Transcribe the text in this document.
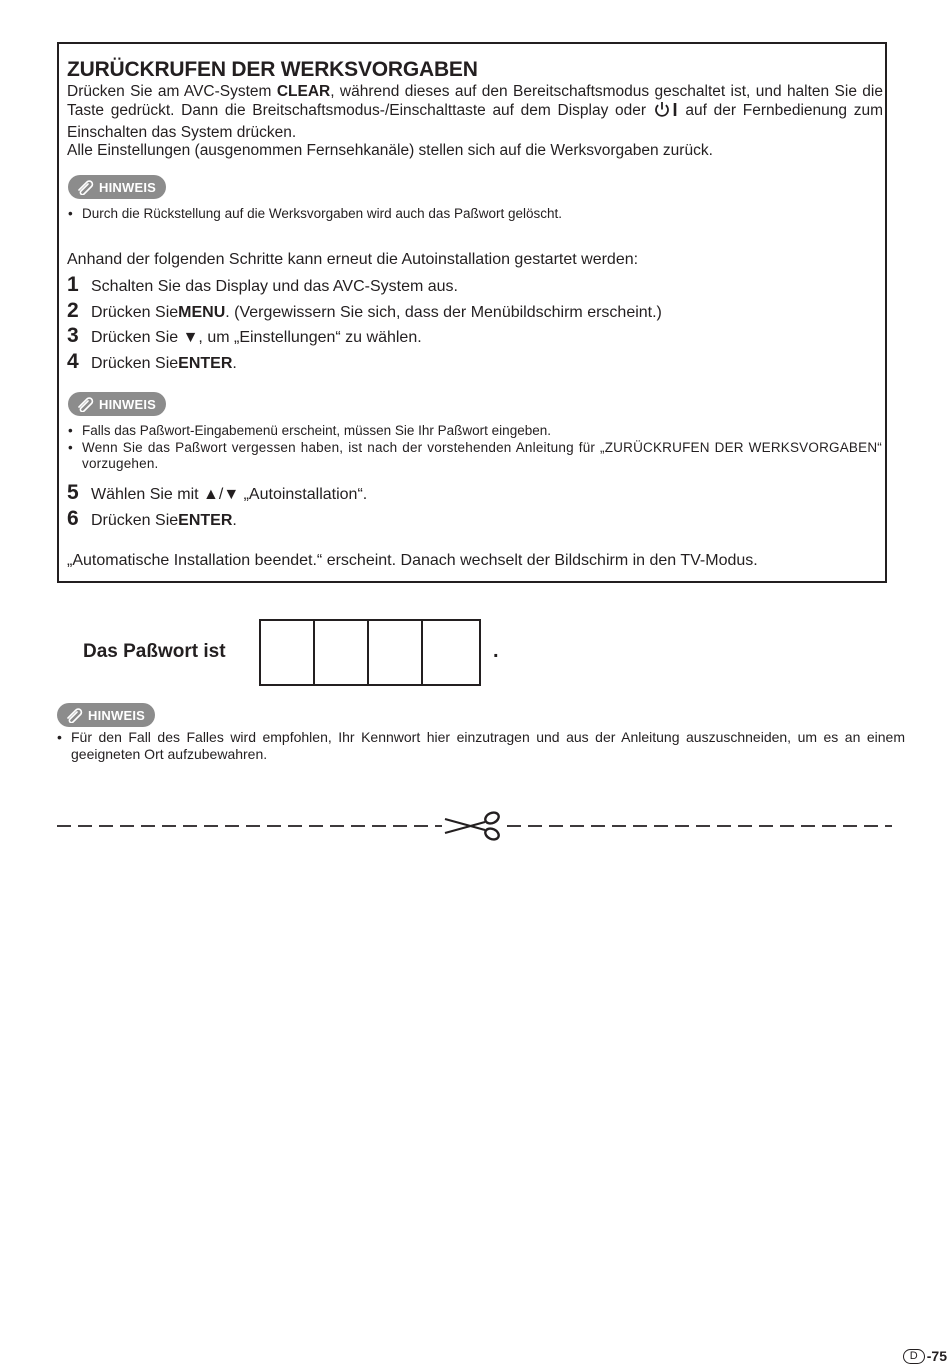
ZURÜCKRUFEN DER WERKSVORGABEN

Drücken Sie am AVC-System CLEAR, während dieses auf den Bereitschaftsmodus geschaltet ist, und halten Sie die Taste gedrückt. Dann die Breitschaftsmodus-/Einschalttaste auf dem Display oder  auf der Fernbedienung zum Einschalten das System drücken.
Alle Einstellungen (ausgenommen Fernsehkanäle) stellen sich auf die Werksvorgaben zurück.

HINWEIS

• Durch die Rückstellung auf die Werksvorgaben wird auch das Paßwort gelöscht.

Anhand der folgenden Schritte kann erneut die Autoinstallation gestartet werden:

1 Schalten Sie das Display und das AVC-System aus.
2 Drücken Sie MENU . (Vergewissern Sie sich, dass der Menübildschirm erscheint.)
3 Drücken Sie ▼, um „Einstellungen“ zu wählen.
4 Drücken Sie ENTER .
HINWEIS

• Falls das Paßwort-Eingabemenü erscheint, müssen Sie Ihr Paßwort eingeben.

• Wenn Sie das Paßwort vergessen haben, ist nach der vorstehenden Anleitung für „ZURÜCKRUFEN DER WERKSVORGABEN“ vorzugehen.

5 Wählen Sie mit ▲/▼ „Autoinstallation“.
6 Drücken Sie ENTER .

„Automatische Installation beendet.“ erscheint. Danach wechselt der Bildschirm in den TV-Modus.

Das Paßwort ist	.
HINWEIS

• Für den Fall des Falles wird empfohlen, Ihr Kennwort hier einzutragen und aus der Anleitung auszuschneiden, um es an einem geeigneten Ort aufzubewahren.

D -75
